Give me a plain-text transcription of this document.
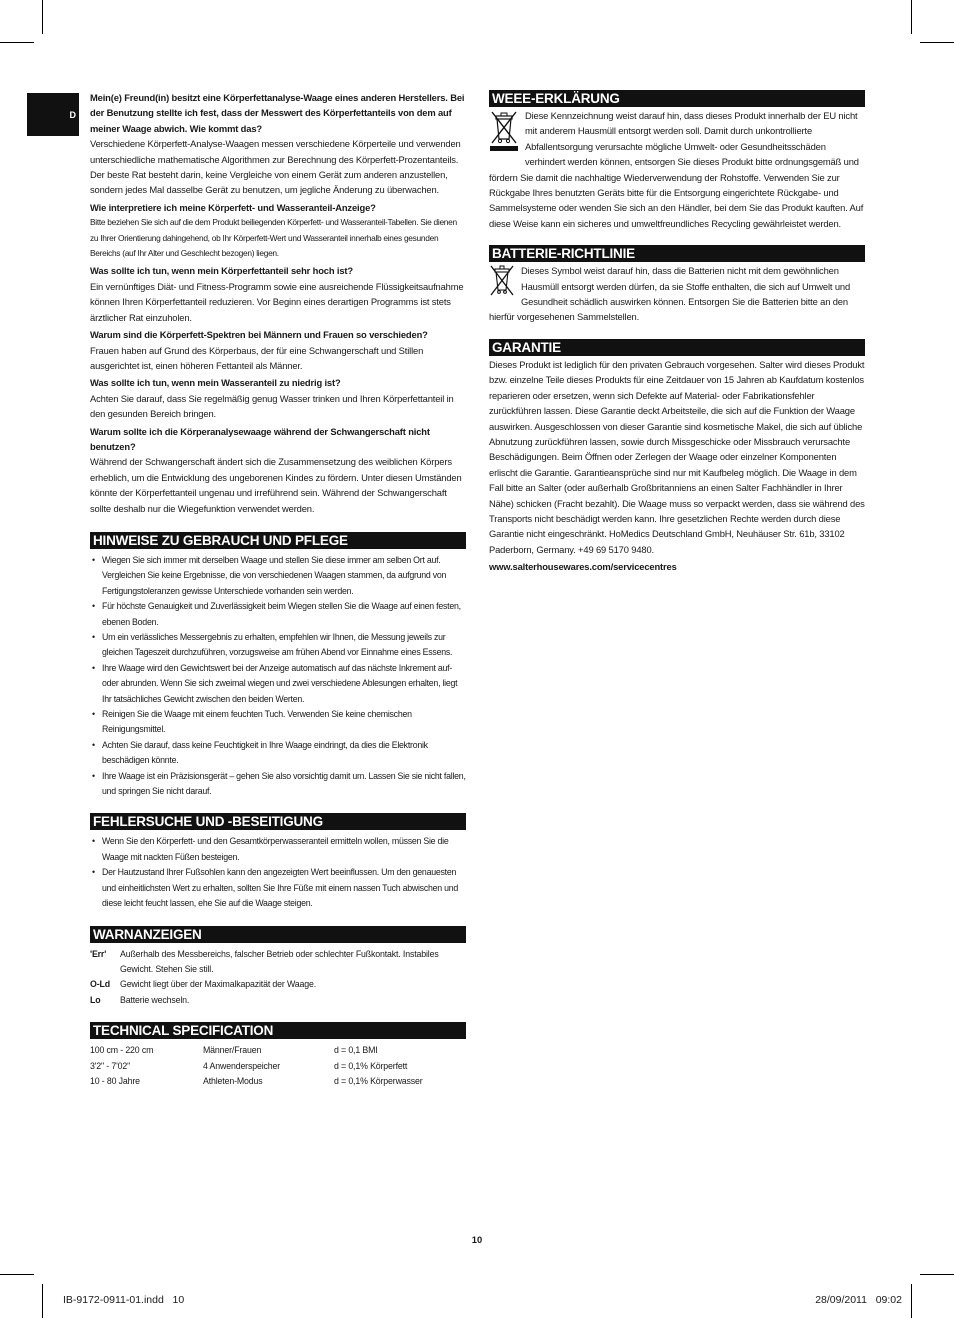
D

Mein(e) Freund(in) besitzt eine Körperfettanalyse-Waage eines anderen Herstellers. Bei der Benutzung stellte ich fest, dass der Messwert des Körperfettanteils von dem auf meiner Waage abwich. Wie kommt das?

Verschiedene Körperfett-Analyse-Waagen messen verschiedene Körperteile und verwenden unterschiedliche mathematische Algorithmen zur Berechnung des Körperfett-Prozentanteils. Der beste Rat besteht darin, keine Vergleiche von einem Gerät zum anderen anzustellen, sondern jedes Mal dasselbe Gerät zu benutzen, um jegliche Änderung zu überwachen.

Wie interpretiere ich meine Körperfett- und Wasseranteil-Anzeige?

Bitte beziehen Sie sich auf die dem Produkt beiliegenden Körperfett- und Wasseranteil-Tabellen. Sie dienen zu Ihrer Orientierung dahingehend, ob Ihr Körperfett-Wert und Wasseranteil innerhalb eines gesunden Bereichs (auf Ihr Alter und Geschlecht bezogen) liegen.

Was sollte ich tun, wenn mein Körperfettanteil sehr hoch ist?

Ein vernünftiges Diät- und Fitness-Programm sowie eine ausreichende Flüssigkeitsaufnahme können Ihren Körperfettanteil reduzieren. Vor Beginn eines derartigen Programms ist stets ärztlicher Rat einzuholen.

Warum sind die Körperfett-Spektren bei Männern und Frauen so verschieden?

Frauen haben auf Grund des Körperbaus, der für eine Schwangerschaft und Stillen ausgerichtet ist, einen höheren Fettanteil als Männer.

Was sollte ich tun, wenn mein Wasseranteil zu niedrig ist?

Achten Sie darauf, dass Sie regelmäßig genug Wasser trinken und Ihren Körperfettanteil in den gesunden Bereich bringen.

Warum sollte ich die Körperanalysewaage während der Schwangerschaft nicht benutzen?

Während der Schwangerschaft ändert sich die Zusammensetzung des weiblichen Körpers erheblich, um die Entwicklung des ungeborenen Kindes zu fördern. Unter diesen Umständen könnte der Körperfettanteil ungenau und irreführend sein. Während der Schwangerschaft sollte deshalb nur die Wiegefunktion verwendet werden.

HINWEISE ZU GEBRAUCH UND PFLEGE
• Wiegen Sie sich immer mit derselben Waage und stellen Sie diese immer am selben Ort auf. Vergleichen Sie keine Ergebnisse, die von verschiedenen Waagen stammen, da aufgrund von Fertigungstoleranzen gewisse Unterschiede vorhanden sein werden.
• Für höchste Genauigkeit und Zuverlässigkeit beim Wiegen stellen Sie die Waage auf einen festen, ebenen Boden.
• Um ein verlässliches Messergebnis zu erhalten, empfehlen wir Ihnen, die Messung jeweils zur gleichen Tageszeit durchzuführen, vorzugsweise am frühen Abend vor Einnahme eines Essens.
• Ihre Waage wird den Gewichtswert bei der Anzeige automatisch auf das nächste Inkrement auf- oder abrunden. Wenn Sie sich zweimal wiegen und zwei verschiedene Ablesungen erhalten, liegt Ihr tatsächliches Gewicht zwischen den beiden Werten.
• Reinigen Sie die Waage mit einem feuchten Tuch. Verwenden Sie keine chemischen Reinigungsmittel.
• Achten Sie darauf, dass keine Feuchtigkeit in Ihre Waage eindringt, da dies die Elektronik beschädigen könnte.
• Ihre Waage ist ein Präzisionsgerät – gehen Sie also vorsichtig damit um. Lassen Sie sie nicht fallen, und springen Sie nicht darauf.
FEHLERSUCHE UND -BESEITIGUNG
• Wenn Sie den Körperfett- und den Gesamtkörperwasseranteil ermitteln wollen, müssen Sie die Waage mit nackten Füßen besteigen.
• Der Hautzustand Ihrer Fußsohlen kann den angezeigten Wert beeinflussen. Um den genauesten und einheitlichsten Wert zu erhalten, sollten Sie Ihre Füße mit einem nassen Tuch abwischen und diese leicht feucht lassen, ehe Sie auf die Waage steigen.
WARNANZEIGEN
'Err'	Außerhalb des Messbereichs, falscher Betrieb oder schlechter Fußkontakt. Instabiles Gewicht. Stehen Sie still.
O-Ld	Gewicht liegt über der Maximalkapazität der Waage.
Lo	Batterie wechseln.
TECHNICAL SPECIFICATION
100 cm - 220 cm	Männer/Frauen	d = 0,1 BMI
3'2" - 7'02"	4 Anwenderspeicher	d = 0,1% Körperfett
10 - 80 Jahre	Athleten-Modus	d = 0,1% Körperwasser
WEEE-ERKLÄRUNG

Diese Kennzeichnung weist darauf hin, dass dieses Produkt innerhalb der EU nicht mit anderem Hausmüll entsorgt werden soll. Damit durch unkontrollierte Abfallentsorgung verursachte mögliche Umwelt- oder Gesundheitsschäden verhindert werden können, entsorgen Sie dieses Produkt bitte ordnungsgemäß und fördern Sie damit die nachhaltige Wiederverwendung der Rohstoffe. Verwenden Sie zur Rückgabe Ihres benutzten Geräts bitte für die Entsorgung eingerichtete Rückgabe- und Sammelsysteme oder wenden Sie sich an den Händler, bei dem Sie das Produkt kauften. Auf diese Weise kann ein sicheres und umweltfreundliches Recycling gewährleistet werden.

BATTERIE-RICHTLINIE

Dieses Symbol weist darauf hin, dass die Batterien nicht mit dem gewöhnlichen Hausmüll entsorgt werden dürfen, da sie Stoffe enthalten, die sich auf Umwelt und Gesundheit schädlich auswirken können. Entsorgen Sie die Batterien bitte an den hierfür vorgesehenen Sammelstellen.

GARANTIE

Dieses Produkt ist lediglich für den privaten Gebrauch vorgesehen. Salter wird dieses Produkt bzw. einzelne Teile dieses Produkts für eine Zeitdauer von 15 Jahren ab Kaufdatum kostenlos reparieren oder ersetzen, wenn sich Defekte auf Material- oder Fabrikationsfehler zurückführen lassen. Diese Garantie deckt Arbeitsteile, die sich auf die Funktion der Waage auswirken. Ausgeschlossen von dieser Garantie sind kosmetische Makel, die sich auf übliche Abnutzung zurückführen lassen, sowie durch Missgeschicke oder Missbrauch verursachte Beschädigungen. Beim Öffnen oder Zerlegen der Waage oder einzelner Komponenten erlischt die Garantie. Garantieansprüche sind nur mit Kaufbeleg möglich. Die Waage in dem Fall bitte an Salter (oder außerhalb Großbritanniens an einen Salter Fachhändler in Ihrer Nähe) schicken (Fracht bezahlt). Die Waage muss so verpackt werden, dass sie während des Transports nicht beschädigt werden kann. Ihre gesetzlichen Rechte werden durch diese Garantie nicht eingeschränkt. HoMedics Deutschland GmbH, Neuhäuser Str. 61b, 33102 Paderborn, Germany. +49 69 5170 9480.

www.salterhousewares.com/servicecentres

10
IB-9172-0911-01.indd   10	28/09/2011   09:02
